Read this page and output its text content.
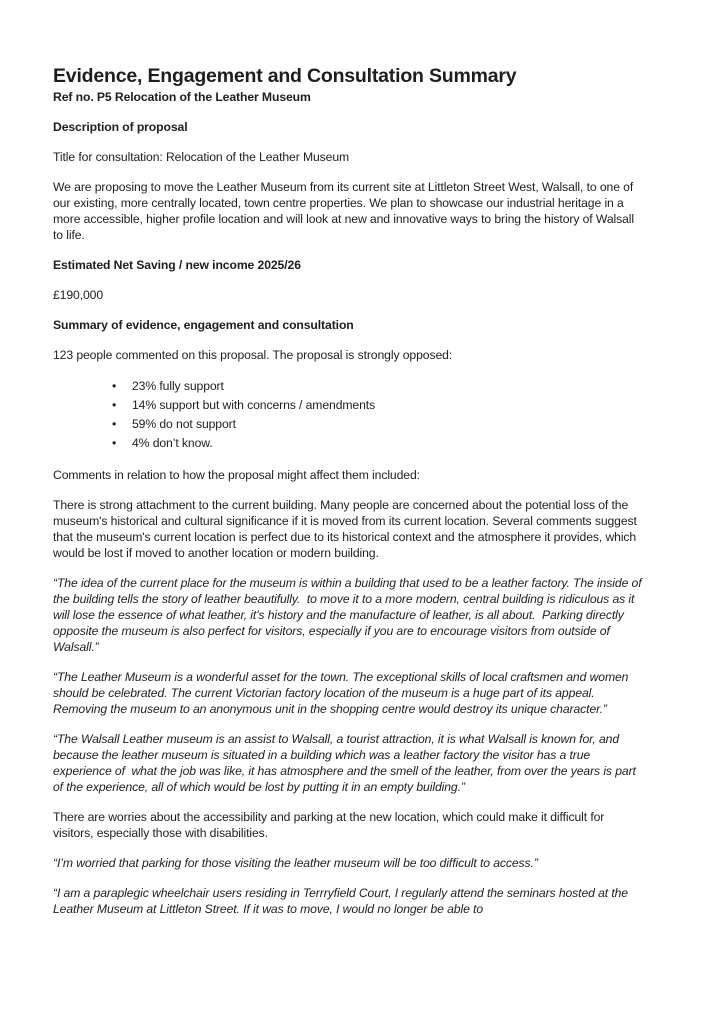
Evidence, Engagement and Consultation Summary

Ref no. P5 Relocation of the Leather Museum

Description of proposal

Title for consultation: Relocation of the Leather Museum

We are proposing to move the Leather Museum from its current site at Littleton Street West, Walsall, to one of our existing, more centrally located, town centre properties. We plan to showcase our industrial heritage in a more accessible, higher profile location and will look at new and innovative ways to bring the history of Walsall to life.

Estimated Net Saving / new income 2025/26

£190,000

Summary of evidence, engagement and consultation

123 people commented on this proposal. The proposal is strongly opposed:

• 23% fully support
• 14% support but with concerns / amendments
• 59% do not support
• 4% don’t know.

Comments in relation to how the proposal might affect them included:

There is strong attachment to the current building. Many people are concerned about the potential loss of the museum's historical and cultural significance if it is moved from its current location. Several comments suggest that the museum's current location is perfect due to its historical context and the atmosphere it provides, which would be lost if moved to another location or modern building.

“The idea of the current place for the museum is within a building that used to be a leather factory. The inside of the building tells the story of leather beautifully.  to move it to a more modern, central building is ridiculous as it will lose the essence of what leather, it's history and the manufacture of leather, is all about.  Parking directly opposite the museum is also perfect for visitors, especially if you are to encourage visitors from outside of Walsall.”

“The Leather Museum is a wonderful asset for the town. The exceptional skills of local craftsmen and women should be celebrated. The current Victorian factory location of the museum is a huge part of its appeal. Removing the museum to an anonymous unit in the shopping centre would destroy its unique character.”

“The Walsall Leather museum is an assist to Walsall, a tourist attraction, it is what Walsall is known for, and  because the leather museum is situated in a building which was a leather factory the visitor has a true experience of  what the job was like, it has atmosphere and the smell of the leather, from over the years is part of the experience, all of which would be lost by putting it in an empty building.”

There are worries about the accessibility and parking at the new location, which could make it difficult for visitors, especially those with disabilities.

“I’m worried that parking for those visiting the leather museum will be too difficult to access.”

“I am a paraplegic wheelchair users residing in Terrryfield Court, I regularly attend the seminars hosted at the Leather Museum at Littleton Street. If it was to move, I would no longer be able to
